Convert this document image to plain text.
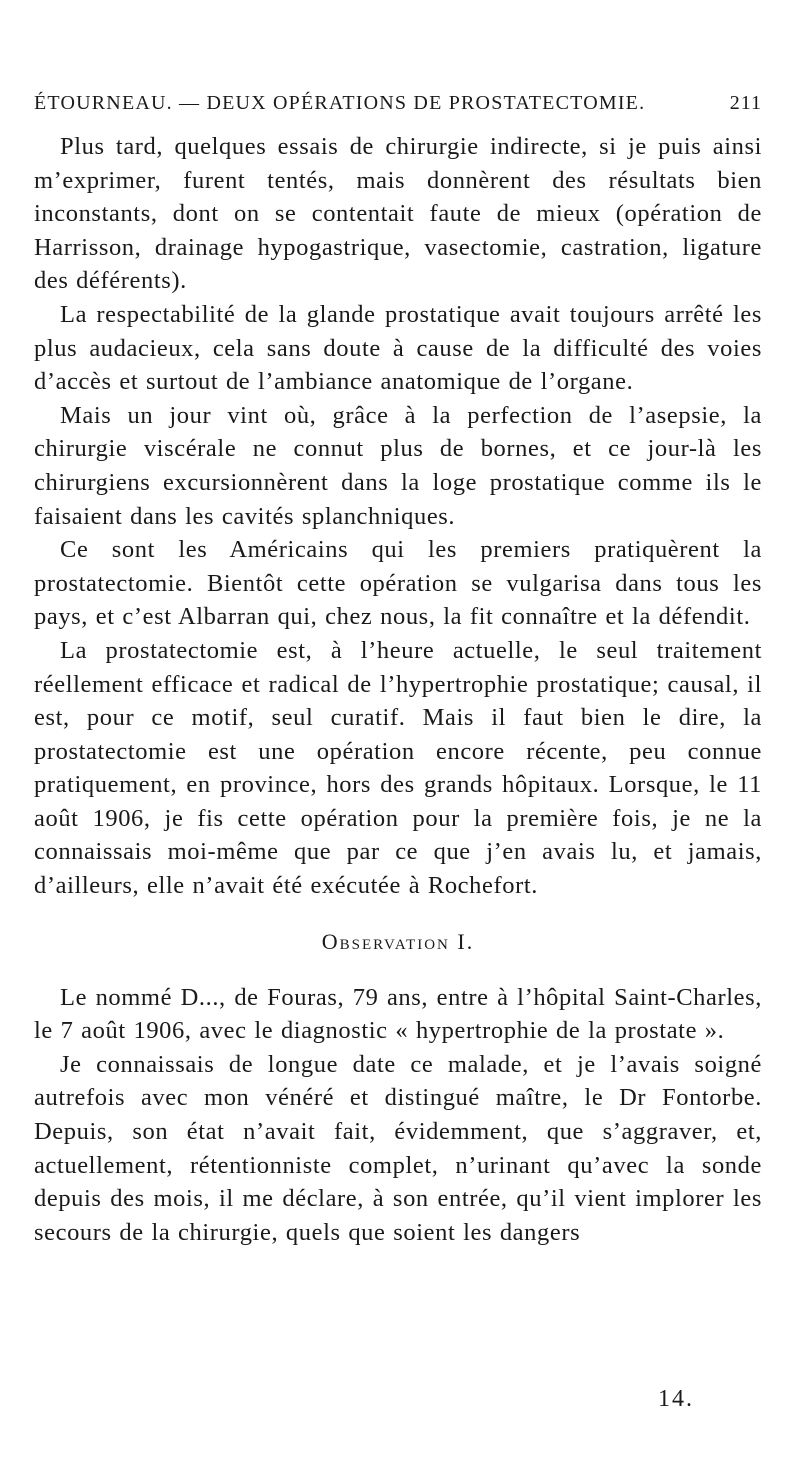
ÉTOURNEAU. — DEUX OPÉRATIONS DE PROSTATECTOMIE.	211

Plus tard, quelques essais de chirurgie indirecte, si je puis ainsi m’exprimer, furent tentés, mais donnèrent des résultats bien inconstants, dont on se contentait faute de mieux (opération de Harrisson, drainage hypogastrique, vasectomie, castration, ligature des déférents).

La respectabilité de la glande prostatique avait toujours arrêté les plus audacieux, cela sans doute à cause de la difficulté des voies d’accès et surtout de l’ambiance anatomique de l’organe.

Mais un jour vint où, grâce à la perfection de l’asepsie, la chirurgie viscérale ne connut plus de bornes, et ce jour-là les chirurgiens excursionnèrent dans la loge prostatique comme ils le faisaient dans les cavités splanchniques.

Ce sont les Américains qui les premiers pratiquèrent la prostatectomie. Bientôt cette opération se vulgarisa dans tous les pays, et c’est Albarran qui, chez nous, la fit connaître et la défendit.

La prostatectomie est, à l’heure actuelle, le seul traitement réellement efficace et radical de l’hypertrophie prostatique; causal, il est, pour ce motif, seul curatif. Mais il faut bien le dire, la prostatectomie est une opération encore récente, peu connue pratiquement, en province, hors des grands hôpitaux. Lorsque, le 11 août 1906, je fis cette opération pour la première fois, je ne la connaissais moi-même que par ce que j’en avais lu, et jamais, d’ailleurs, elle n’avait été exécutée à Rochefort.

Observation I.

Le nommé D..., de Fouras, 79 ans, entre à l’hôpital Saint-Charles, le 7 août 1906, avec le diagnostic « hypertrophie de la prostate ».

Je connaissais de longue date ce malade, et je l’avais soigné autrefois avec mon vénéré et distingué maître, le Dr Fontorbe. Depuis, son état n’avait fait, évidemment, que s’aggraver, et, actuellement, rétentionniste complet, n’urinant qu’avec la sonde depuis des mois, il me déclare, à son entrée, qu’il vient implorer les secours de la chirurgie, quels que soient les dangers

14.
